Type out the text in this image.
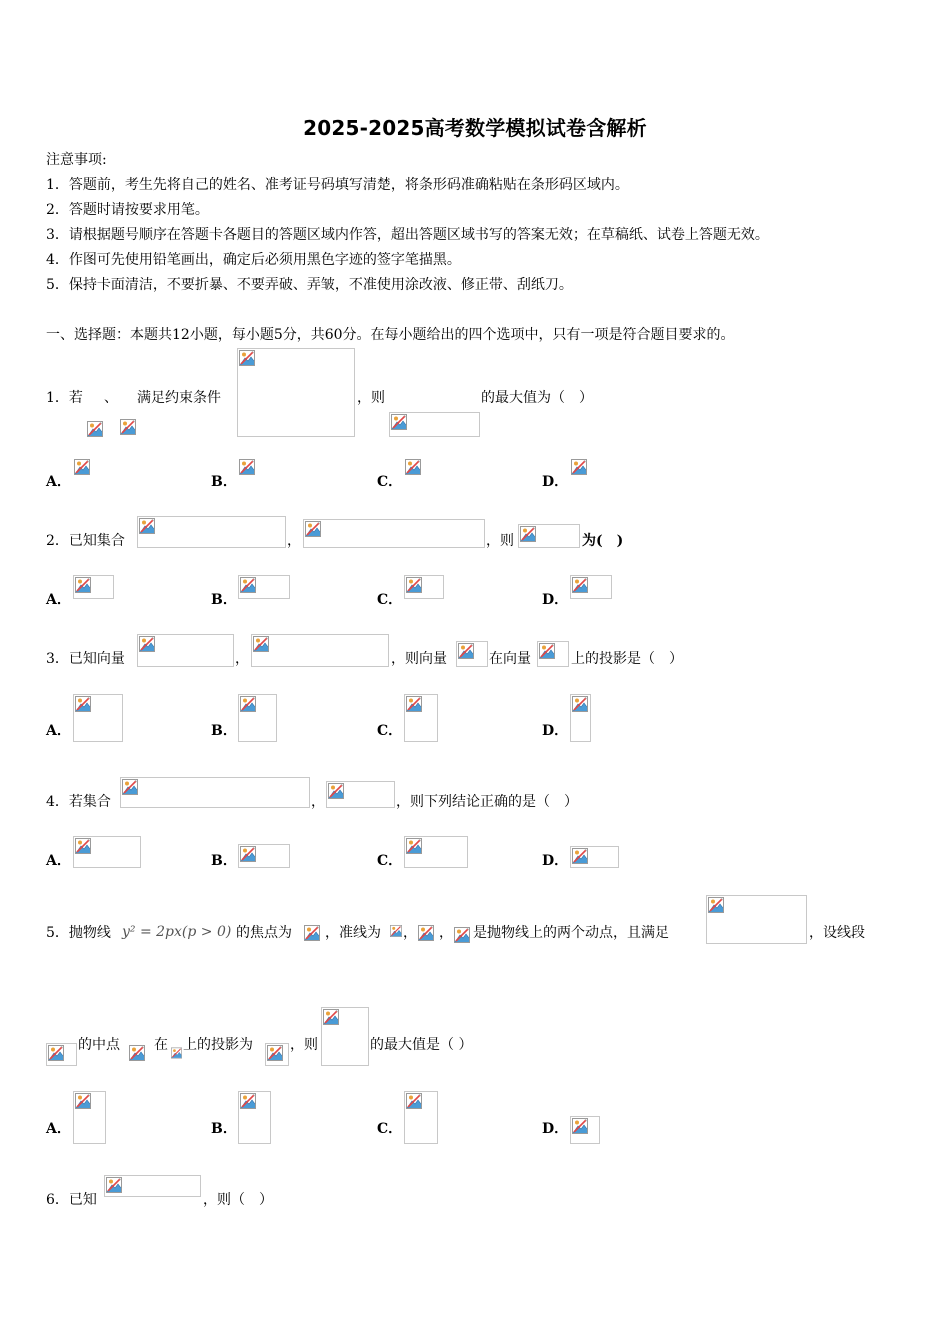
2025-2025高考数学模拟试卷含解析
注意事项:
1．答题前，考生先将自己的姓名、准考证号码填写清楚，将条形码准确粘贴在条形码区域内。
2．答题时请按要求用笔。
3．请根据题号顺序在答题卡各题目的答题区域内作答，超出答题区域书写的答案无效；在草稿纸、试卷上答题无效。
4．作图可先使用铅笔画出，确定后必须用黑色字迹的签字笔描黑。
5．保持卡面清洁，不要折暴、不要弄破、弄皱，不准使用涂改液、修正带、刮纸刀。
一、选择题：本题共12小题，每小题5分，共60分。在每小题给出的四个选项中，只有一项是符合题目要求的。
1．若 、 满足约束条件	，则	的最大值为（　）
A．	B．	C．	D．
2．已知集合	，	，则	为(　)
A．	B．	C．	D．
3．已知向量	，	，则向量	在向量	上的投影是（　）
A．	B．	C．	D．
4．若集合	，	，则下列结论正确的是（　）
A．	B．	C．	D．
5．抛物线 y² = 2px(p > 0) 的焦点为 ，准线为 ， ， 是抛物线上的两个动点，且满足	，设线段
的中点 在 上的投影为	，则	的最大值是（ ）
A．	B．	C．	D．
6．已知	，则（　）
